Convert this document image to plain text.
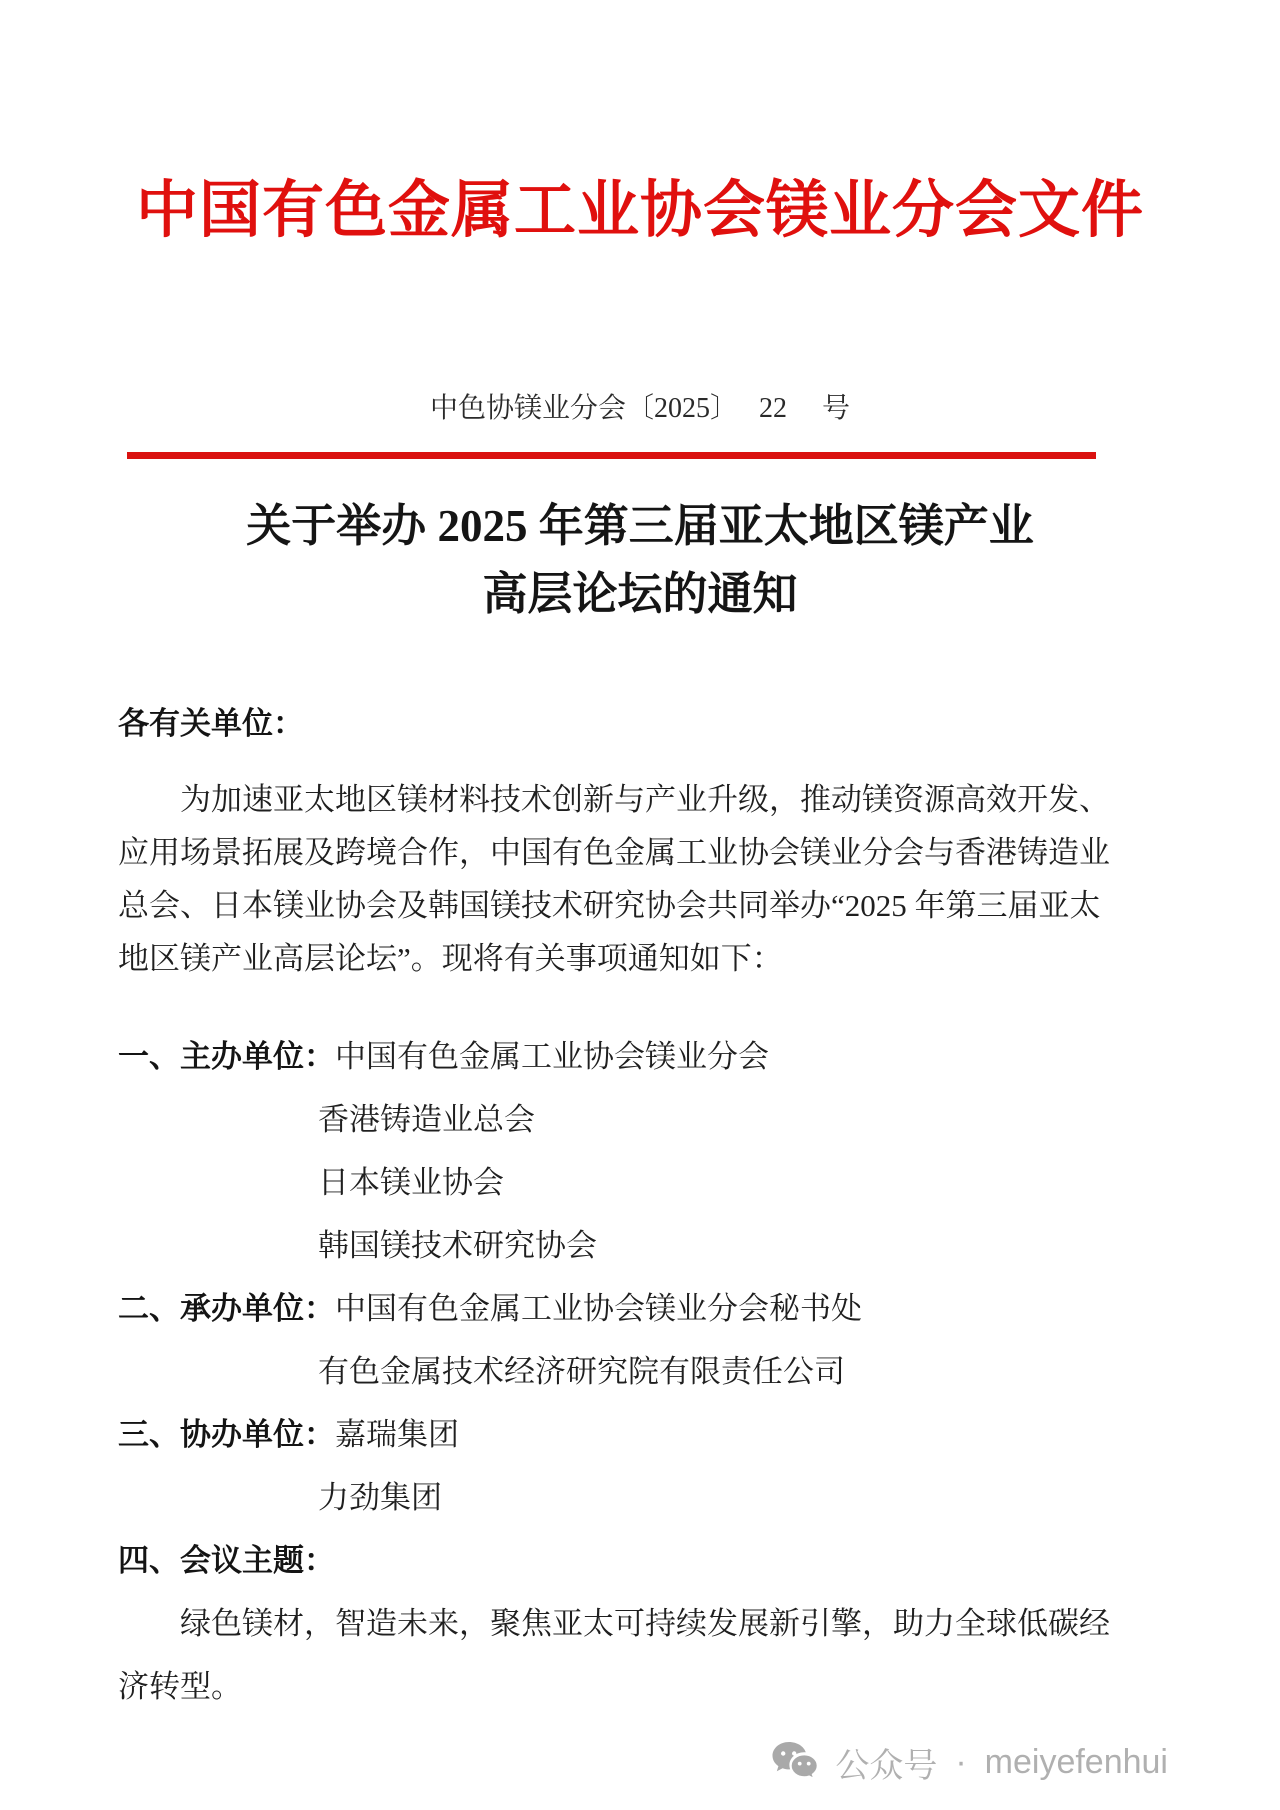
中国有色金属工业协会镁业分会文件
中色协镁业分会〔2025〕　 22 　号
关于举办 2025 年第三届亚太地区镁产业
高层论坛的通知
各有关单位：
为加速亚太地区镁材料技术创新与产业升级，推动镁资源高效开发、
应用场景拓展及跨境合作，中国有色金属工业协会镁业分会与香港铸造业
总会、日本镁业协会及韩国镁技术研究协会共同举办“2025 年第三届亚太
地区镁产业高层论坛”。现将有关事项通知如下：
一、主办单位：中国有色金属工业协会镁业分会
香港铸造业总会
日本镁业协会
韩国镁技术研究协会
二、承办单位：中国有色金属工业协会镁业分会秘书处
有色金属技术经济研究院有限责任公司
三、协办单位：嘉瑞集团
力劲集团
四、会议主题：
绿色镁材，智造未来，聚焦亚太可持续发展新引擎，助力全球低碳经
济转型。
公众号 · meiyefenhui
